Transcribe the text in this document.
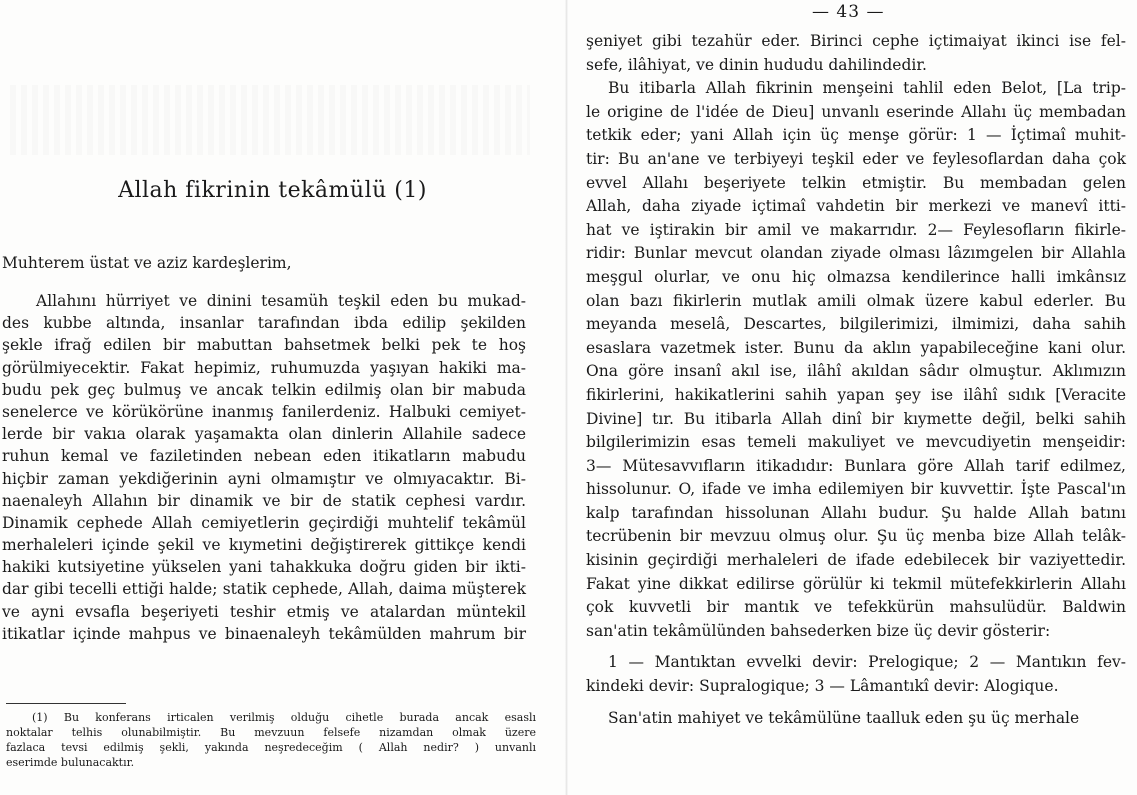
Allah fikrinin tekâmülü (1)
Muhterem üstat ve aziz kardeşlerim,
Allahını hürriyet ve dinini tesamüh teşkil eden bu mukad-
des kubbe altında, insanlar tarafından ibda edilip şekilden
şekle ifrağ edilen bir mabuttan bahsetmek belki pek te hoş
görülmiyecektir. Fakat hepimiz, ruhumuzda yaşıyan hakiki ma-
budu pek geç bulmuş ve ancak telkin edilmiş olan bir mabuda
senelerce ve körükörüne inanmış fanilerdeniz. Halbuki cemiyet-
lerde bir vakıa olarak yaşamakta olan dinlerin Allahile sadece
ruhun kemal ve faziletinden nebean eden itikatların mabudu
hiçbir zaman yekdiğerinin ayni olmamıştır ve olmıyacaktır. Bi-
naenaleyh Allahın bir dinamik ve bir de statik cephesi vardır.
Dinamik cephede Allah cemiyetlerin geçirdiği muhtelif tekâmül
merhaleleri içinde şekil ve kıymetini değiştirerek gittikçe kendi
hakiki kutsiyetine yükselen yani tahakkuka doğru giden bir ikti-
dar gibi tecelli ettiği halde; statik cephede, Allah, daima müşterek
ve ayni evsafla beşeriyeti teshir etmiş ve atalardan müntekil
itikatlar içinde mahpus ve binaenaleyh tekâmülden mahrum bir
(1) Bu konferans irticalen verilmiş olduğu cihetle burada ancak esaslı
noktalar telhis olunabilmiştir. Bu mevzuun felsefe nizamdan olmak üzere
fazlaca tevsi edilmiş şekli, yakında neşredeceğim ( Allah nedir? ) unvanlı
eserimde bulunacaktır.
— 43 —
şeniyet gibi tezahür eder. Birinci cephe içtimaiyat ikinci ise fel-
sefe, ilâhiyat, ve dinin hududu dahilindedir.
Bu itibarla Allah fikrinin menşeini tahlil eden Belot, [La trip-
le origine de l'idée de Dieu] unvanlı eserinde Allahı üç membadan
tetkik eder; yani Allah için üç menşe görür: 1 — İçtimaî muhit-
tir: Bu an'ane ve terbiyeyi teşkil eder ve feylesoflardan daha çok
evvel Allahı beşeriyete telkin etmiştir. Bu membadan gelen
Allah, daha ziyade içtimaî vahdetin bir merkezi ve manevî itti-
hat ve iştirakin bir amil ve makarrıdır. 2— Feylesofların fikirle-
ridir: Bunlar mevcut olandan ziyade olması lâzımgelen bir Allahla
meşgul olurlar, ve onu hiç olmazsa kendilerince halli imkânsız
olan bazı fikirlerin mutlak amili olmak üzere kabul ederler. Bu
meyanda meselâ, Descartes, bilgilerimizi, ilmimizi, daha sahih
esaslara vazetmek ister. Bunu da aklın yapabileceğine kani olur.
Ona göre insanî akıl ise, ilâhî akıldan sâdır olmuştur. Aklımızın
fikirlerini, hakikatlerini sahih yapan şey ise ilâhî sıdık [Veracite
Divine] tır. Bu itibarla Allah dinî bir kıymette değil, belki sahih
bilgilerimizin esas temeli makuliyet ve mevcudiyetin menşeidir:
3— Mütesavvıfların itikadıdır: Bunlara göre Allah tarif edilmez,
hissolunur. O, ifade ve imha edilemiyen bir kuvvettir. İşte Pascal'ın
kalp tarafından hissolunan Allahı budur. Şu halde Allah batını
tecrübenin bir mevzuu olmuş olur. Şu üç menba bize Allah telâk-
kisinin geçirdiği merhaleleri de ifade edebilecek bir vaziyettedir.
Fakat yine dikkat edilirse görülür ki tekmil mütefekkirlerin Allahı
çok kuvvetli bir mantık ve tefekkürün mahsulüdür. Baldwin
san'atin tekâmülünden bahsederken bize üç devir gösterir:
1 — Mantıktan evvelki devir: Prelogique; 2 — Mantıkın fev-
kindeki devir: Supralogique; 3 — Lâmantıkî devir: Alogique.
San'atin mahiyet ve tekâmülüne taalluk eden şu üç merhale
